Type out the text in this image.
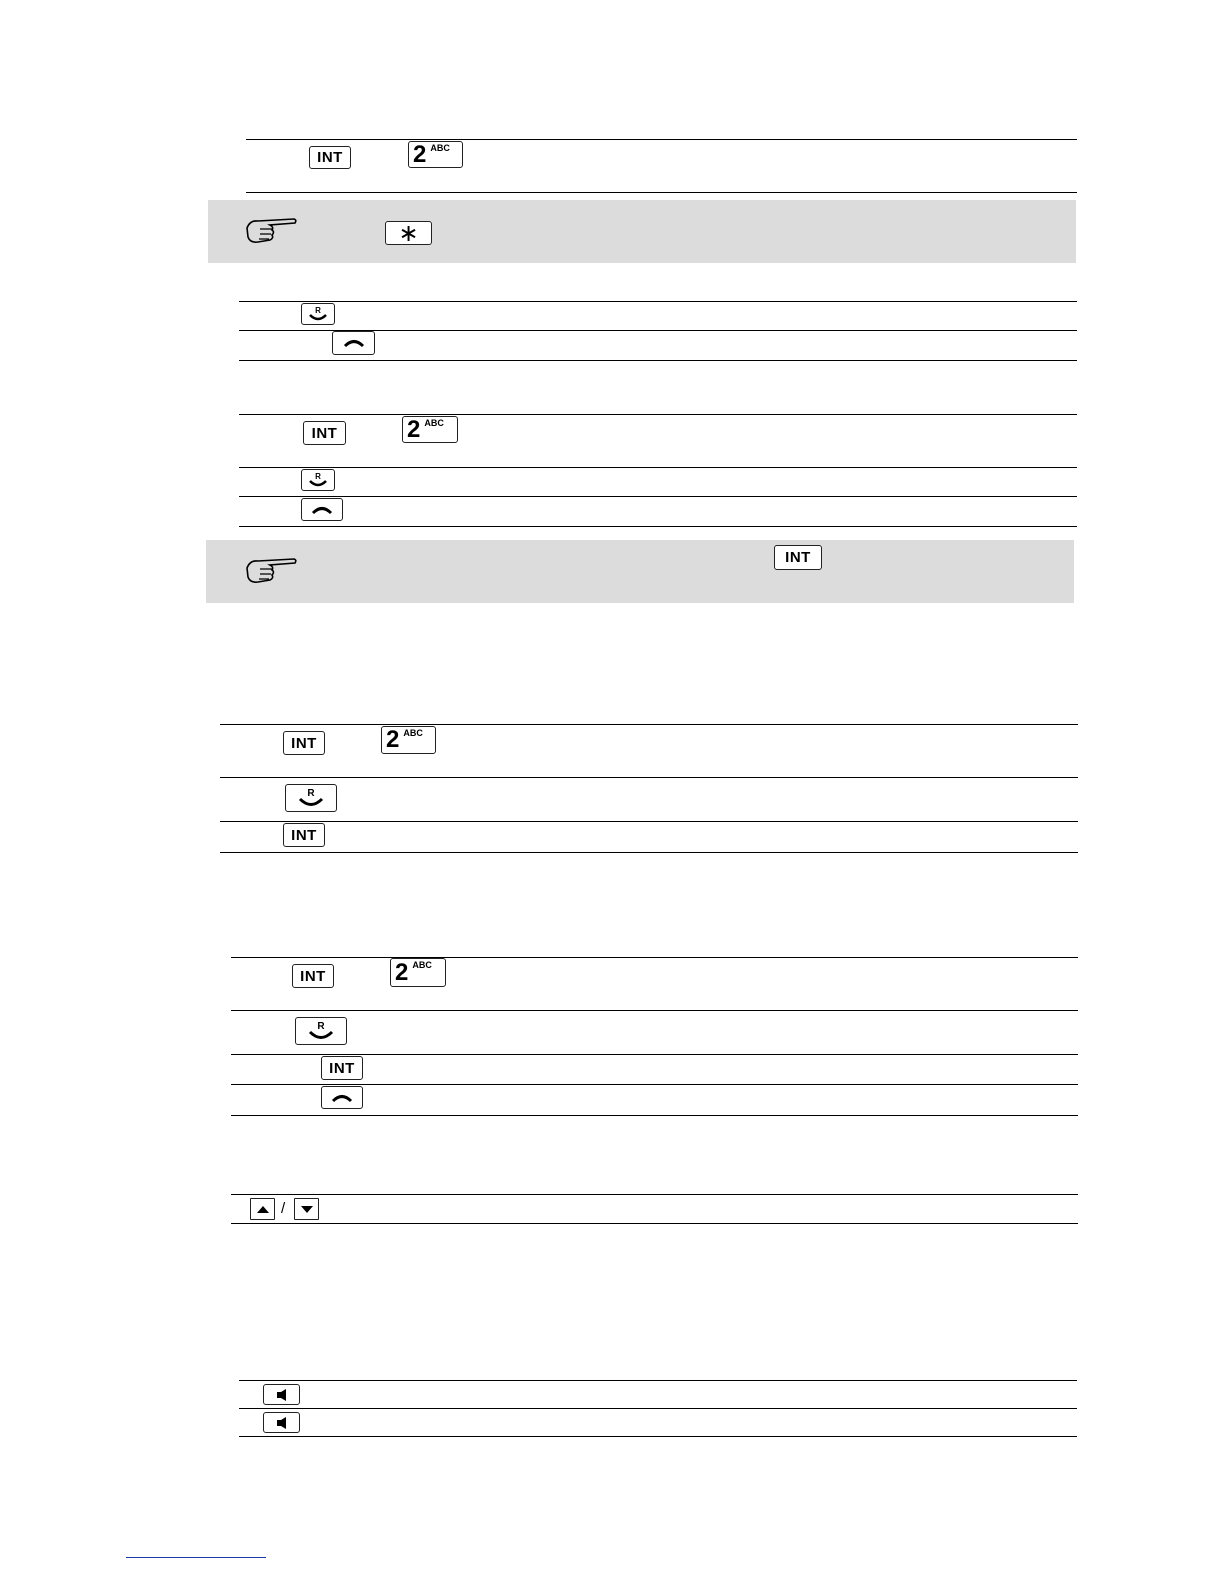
INT	2 ABC
∗
R
INT	2 ABC
R
INT
INT	2 ABC
R
INT
INT	2 ABC
R
INT
/
